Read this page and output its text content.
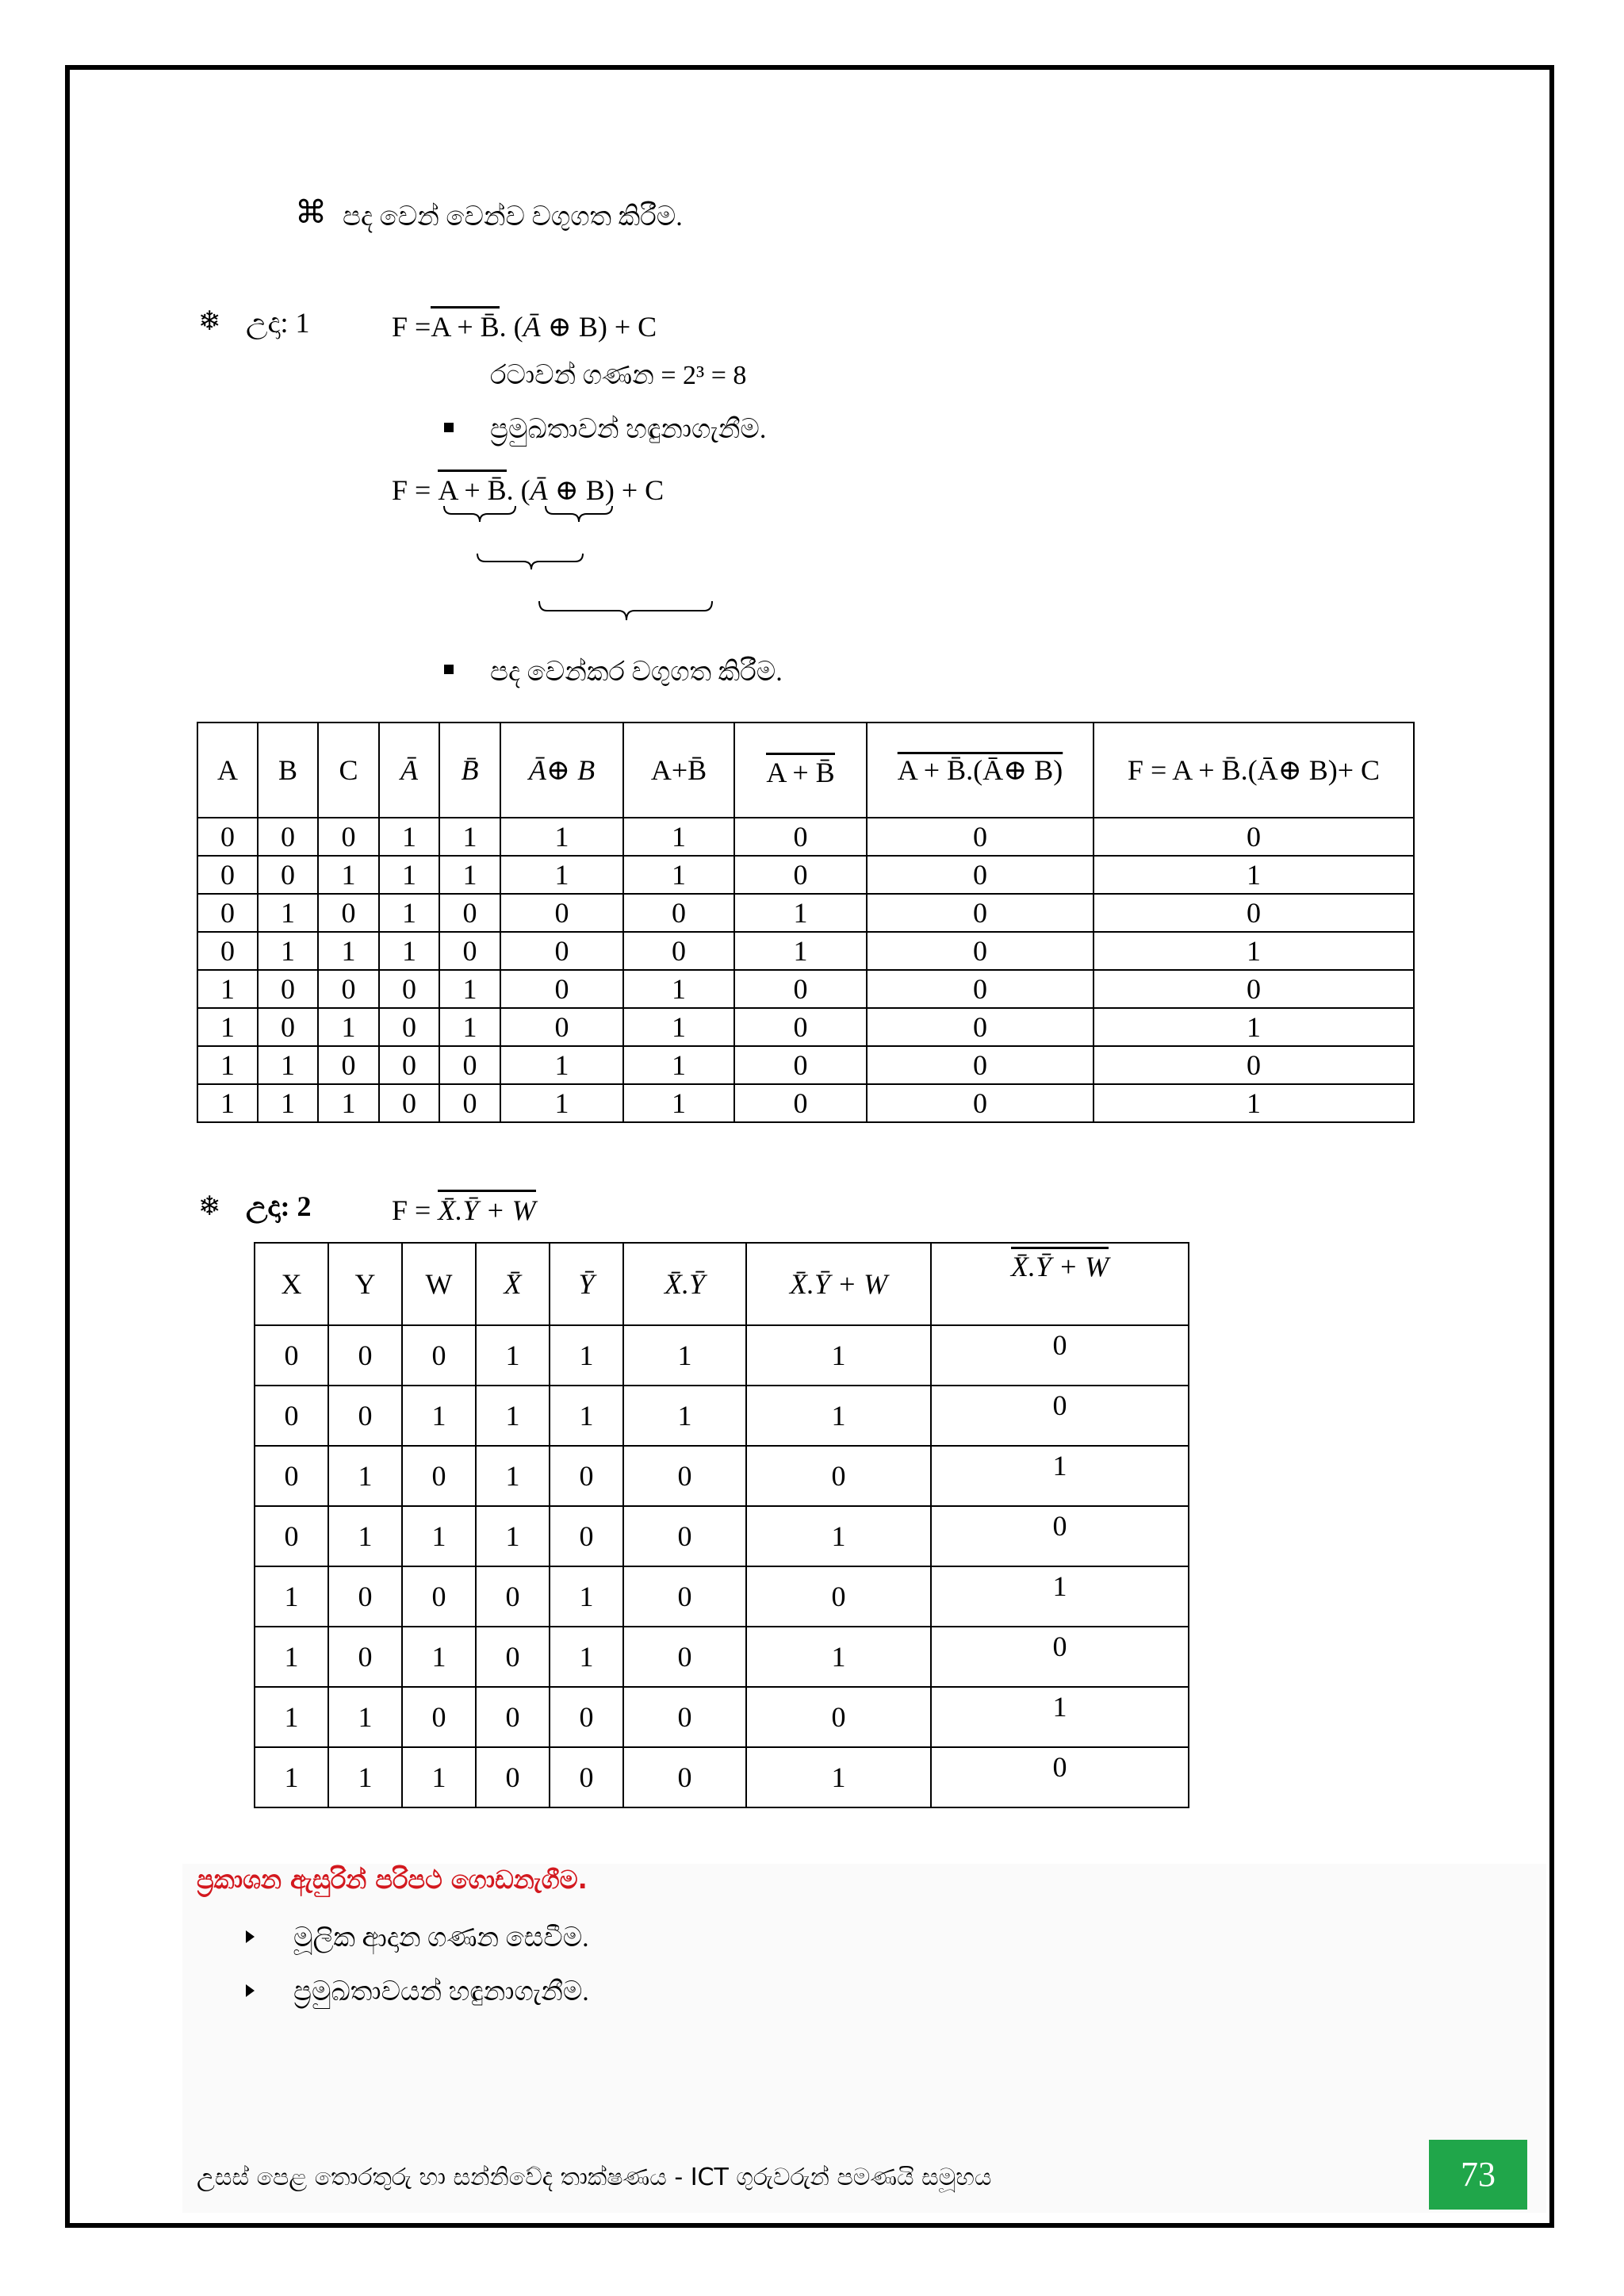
⌘ පද වෙන් වෙන්ව වගුගත කිරීම.
❄ උදා: 1	F =A + B̄. (Ā ⊕ B) + C
රටාවන් ගණන = 2³ = 8
ප්‍රමුඛතාවන් හඳුනාගැනීම.
F = A + B̄. (Ā ⊕ B) + C
පද වෙන්කර වගුගත කිරීම.
A	B	C	Ā	B̄	Ā⊕ B	A+B̄	A + B̄	A + B̄.(Ā⊕ B)	F = A + B̄.(Ā⊕ B)+ C
0	0	0	1	1	1	1	0	0	0
0	0	1	1	1	1	1	0	0	1
0	1	0	1	0	0	0	1	0	0
0	1	1	1	0	0	0	1	0	1
1	0	0	0	1	0	1	0	0	0
1	0	1	0	1	0	1	0	0	1
1	1	0	0	0	1	1	0	0	0
1	1	1	0	0	1	1	0	0	1
❄ උදා: 2	F = X̄.Ȳ + W
X	Y	W	X̄	Ȳ	X̄.Ȳ	X̄.Ȳ + W	X̄.Ȳ + W
0	0	0	1	1	1	1	0
0	0	1	1	1	1	1	0
0	1	0	1	0	0	0	1
0	1	1	1	0	0	1	0
1	0	0	0	1	0	0	1
1	0	1	0	1	0	1	0
1	1	0	0	0	0	0	1
1	1	1	0	0	0	1	0
ප්‍රකාශන ඇසුරින් පරිපථ ගොඩනැගීම.
මූලික ආදාන ගණන සෙවීම.
ප්‍රමුඛතාවයන් හඳුනාගැනීම.
උසස් පෙළ තොරතුරු හා සන්නිවේද තාක්ෂණය - ICT ගුරුවරුන් පමණයි සමූහය	73
